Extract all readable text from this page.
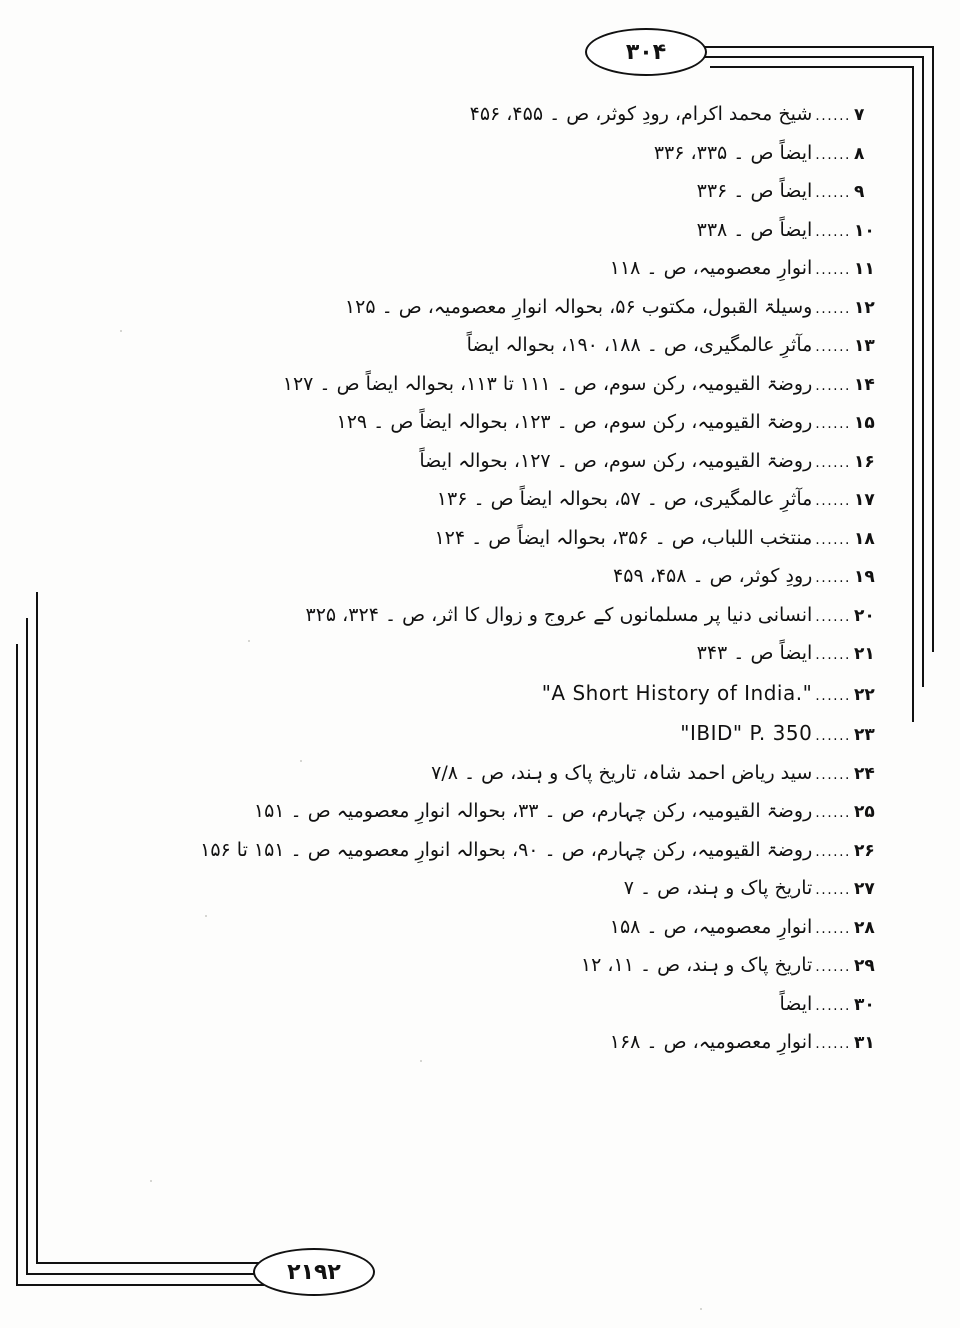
۳۰۴
۲۱۹۲
۷
......
شیخ محمد اکرام، رودِ کوثر، ص ۔ ۴۵۵، ۴۵۶
۸
......
ایضاً ص ۔ ۳۳۵، ۳۳۶
۹
......
ایضاً ص ۔ ۳۳۶
۱۰
......
ایضاً ص ۔ ۳۳۸
۱۱
......
انوارِ معصومیہ، ص ۔ ۱۱۸
۱۲
......
وسیلۃ القبول، مکتوب ۵۶، بحوالہ انوارِ معصومیہ، ص ۔ ۱۲۵
۱۳
......
مآثرِ عالمگیری، ص ۔ ۱۸۸، ۱۹۰، بحوالہ ایضاً
۱۴
......
روضۃ القیومیہ، رکن سوم، ص ۔ ۱۱۱ تا ۱۱۳، بحوالہ ایضاً ص ۔ ۱۲۷
۱۵
......
روضۃ القیومیہ، رکن سوم، ص ۔ ۱۲۳، بحوالہ ایضاً ص ۔ ۱۲۹
۱۶
......
روضۃ القیومیہ، رکن سوم، ص ۔ ۱۲۷، بحوالہ ایضاً
۱۷
......
مآثرِ عالمگیری، ص ۔ ۵۷، بحوالہ ایضاً ص ۔ ۱۳۶
۱۸
......
منتخب اللباب، ص ۔ ۳۵۶، بحوالہ ایضاً ص ۔ ۱۲۴
۱۹
......
رودِ کوثر، ص ۔ ۴۵۸، ۴۵۹
۲۰
......
انسانی دنیا پر مسلمانوں کے عروج و زوال کا اثر، ص ۔ ۳۲۴، ۳۲۵
۲۱
......
ایضاً ص ۔ ۳۴۳
۲۲
......
"A Short History of India."
۲۳
......
"IBID" P. 350
۲۴
......
سید ریاض احمد شاہ، تاریخ پاک و ہند، ص ۔ ۷/۸
۲۵
......
روضۃ القیومیہ، رکن چہارم، ص ۔ ۳۳، بحوالہ انوارِ معصومیہ ص ۔ ۱۵۱
۲۶
......
روضۃ القیومیہ، رکن چہارم، ص ۔ ۹۰، بحوالہ انوارِ معصومیہ ص ۔ ۱۵۱ تا ۱۵۶
۲۷
......
تاریخ پاک و ہند، ص ۔ ۷
۲۸
......
انوارِ معصومیہ، ص ۔ ۱۵۸
۲۹
......
تاریخ پاک و ہند، ص ۔ ۱۱، ۱۲
۳۰
......
ایضاً
۳۱
......
انوارِ معصومیہ، ص ۔ ۱۶۸
